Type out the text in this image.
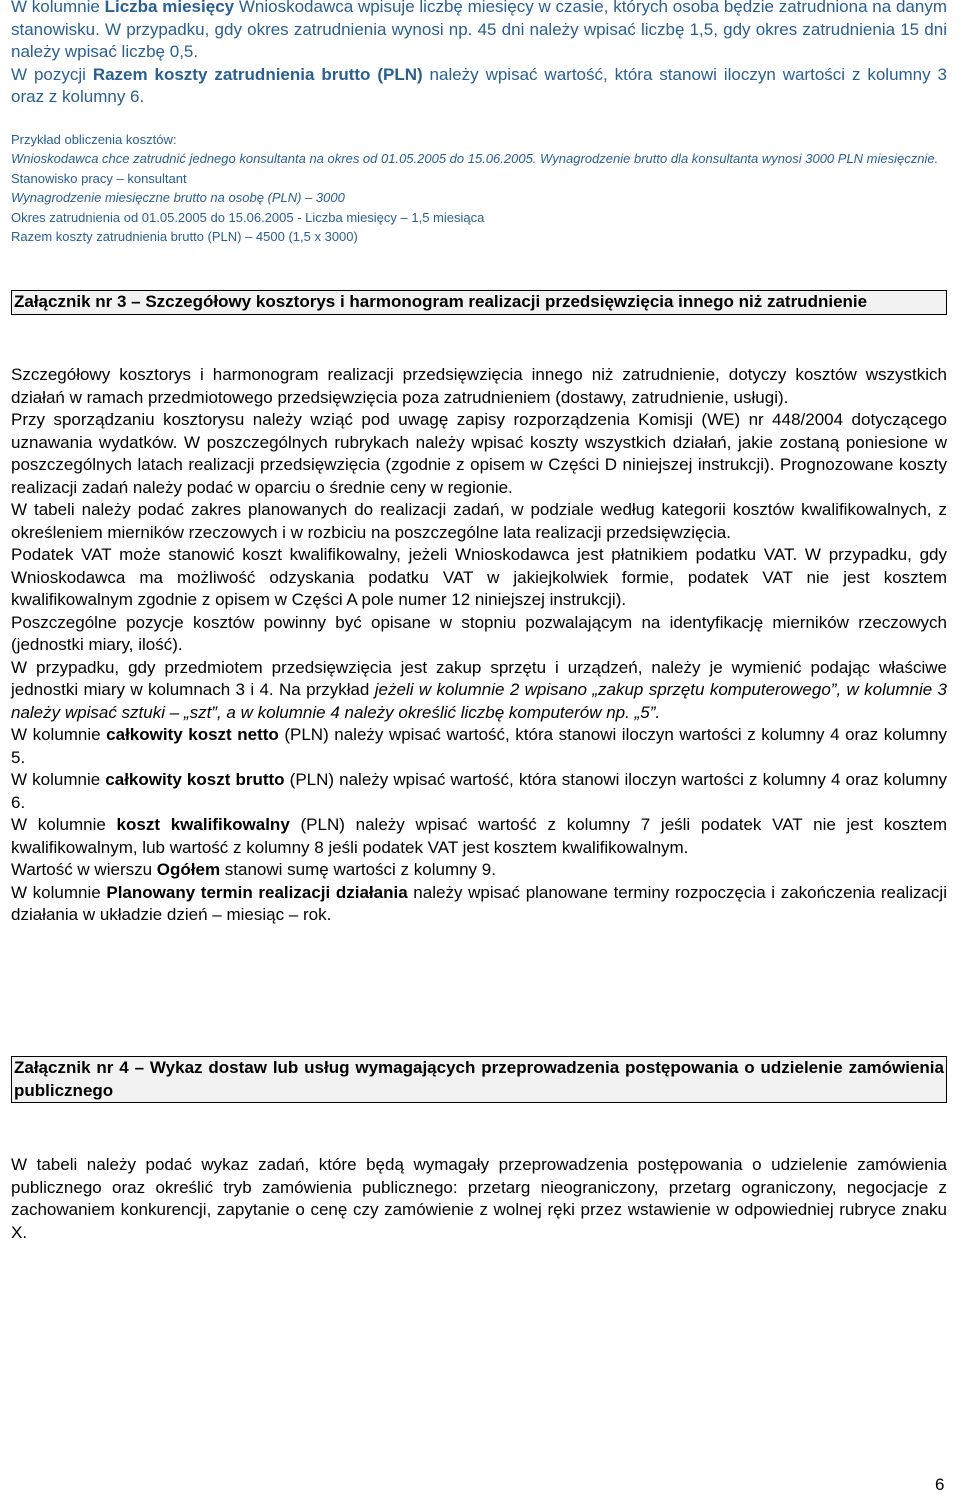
W kolumnie Liczba miesięcy Wnioskodawca wpisuje liczbę miesięcy w czasie, których osoba będzie zatrudniona na danym stanowisku. W przypadku, gdy okres zatrudnienia wynosi np. 45 dni należy wpisać liczbę 1,5, gdy okres zatrudnienia 15 dni należy wpisać liczbę 0,5.

W pozycji Razem koszty zatrudnienia brutto (PLN) należy wpisać wartość, która stanowi iloczyn wartości z kolumny 3 oraz z kolumny 6.

Przykład obliczenia kosztów:

Wnioskodawca chce zatrudnić jednego konsultanta na okres od 01.05.2005 do 15.06.2005. Wynagrodzenie brutto dla konsultanta wynosi 3000 PLN miesięcznie.

Stanowisko pracy – konsultant

Wynagrodzenie miesięczne brutto na osobę (PLN) – 3000

Okres zatrudnienia od 01.05.2005 do 15.06.2005 - Liczba miesięcy – 1,5 miesiąca

Razem koszty zatrudnienia brutto (PLN) – 4500 (1,5 x 3000)

Załącznik nr 3 – Szczegółowy kosztorys i harmonogram realizacji przedsięwzięcia innego niż zatrudnienie

Szczegółowy kosztorys i harmonogram realizacji przedsięwzięcia innego niż zatrudnienie, dotyczy kosztów wszystkich działań w ramach przedmiotowego przedsięwzięcia poza zatrudnieniem (dostawy, zatrudnienie, usługi).

Przy sporządzaniu kosztorysu należy wziąć pod uwagę zapisy rozporządzenia Komisji (WE) nr 448/2004 dotyczącego uznawania wydatków. W poszczególnych rubrykach należy wpisać koszty wszystkich działań, jakie zostaną poniesione w poszczególnych latach realizacji przedsięwzięcia (zgodnie z opisem w Części D niniejszej instrukcji). Prognozowane koszty realizacji zadań należy podać w oparciu o średnie ceny w regionie.

W tabeli należy podać zakres planowanych do realizacji zadań, w podziale według kategorii kosztów kwalifikowalnych, z określeniem mierników rzeczowych i w rozbiciu na poszczególne lata realizacji przedsięwzięcia.

Podatek VAT może stanowić koszt kwalifikowalny, jeżeli Wnioskodawca jest płatnikiem podatku VAT. W przypadku, gdy Wnioskodawca ma możliwość odzyskania podatku VAT w jakiejkolwiek formie, podatek VAT nie jest kosztem kwalifikowalnym zgodnie z opisem w Części A pole numer 12 niniejszej instrukcji).

Poszczególne pozycje kosztów powinny być opisane w stopniu pozwalającym na identyfikację mierników rzeczowych (jednostki miary, ilość).

W przypadku, gdy przedmiotem przedsięwzięcia jest zakup sprzętu i urządzeń, należy je wymienić podając właściwe jednostki miary w kolumnach 3 i 4. Na przykład jeżeli w kolumnie 2 wpisano „zakup sprzętu komputerowego”, w kolumnie 3 należy wpisać sztuki – „szt”, a w kolumnie 4 należy określić liczbę komputerów np. „5”.

W kolumnie całkowity koszt netto (PLN) należy wpisać wartość, która stanowi iloczyn wartości z kolumny 4 oraz kolumny 5.

W kolumnie całkowity koszt brutto (PLN) należy wpisać wartość, która stanowi iloczyn wartości z kolumny 4 oraz kolumny 6.

W kolumnie koszt kwalifikowalny (PLN) należy wpisać wartość z kolumny 7 jeśli podatek VAT nie jest kosztem kwalifikowalnym, lub wartość z kolumny 8 jeśli podatek VAT jest kosztem kwalifikowalnym.

Wartość w wierszu Ogółem stanowi sumę wartości z kolumny 9.

W kolumnie Planowany termin realizacji działania należy wpisać planowane terminy rozpoczęcia i zakończenia realizacji działania w układzie dzień – miesiąc – rok.

Załącznik nr 4 – Wykaz dostaw lub usług wymagających przeprowadzenia postępowania o udzielenie zamówienia publicznego

W tabeli należy podać wykaz zadań, które będą wymagały przeprowadzenia postępowania o udzielenie zamówienia publicznego oraz określić tryb zamówienia publicznego: przetarg nieograniczony, przetarg ograniczony, negocjacje z zachowaniem konkurencji, zapytanie o cenę czy zamówienie z wolnej ręki przez wstawienie w odpowiedniej rubryce znaku X.

6
